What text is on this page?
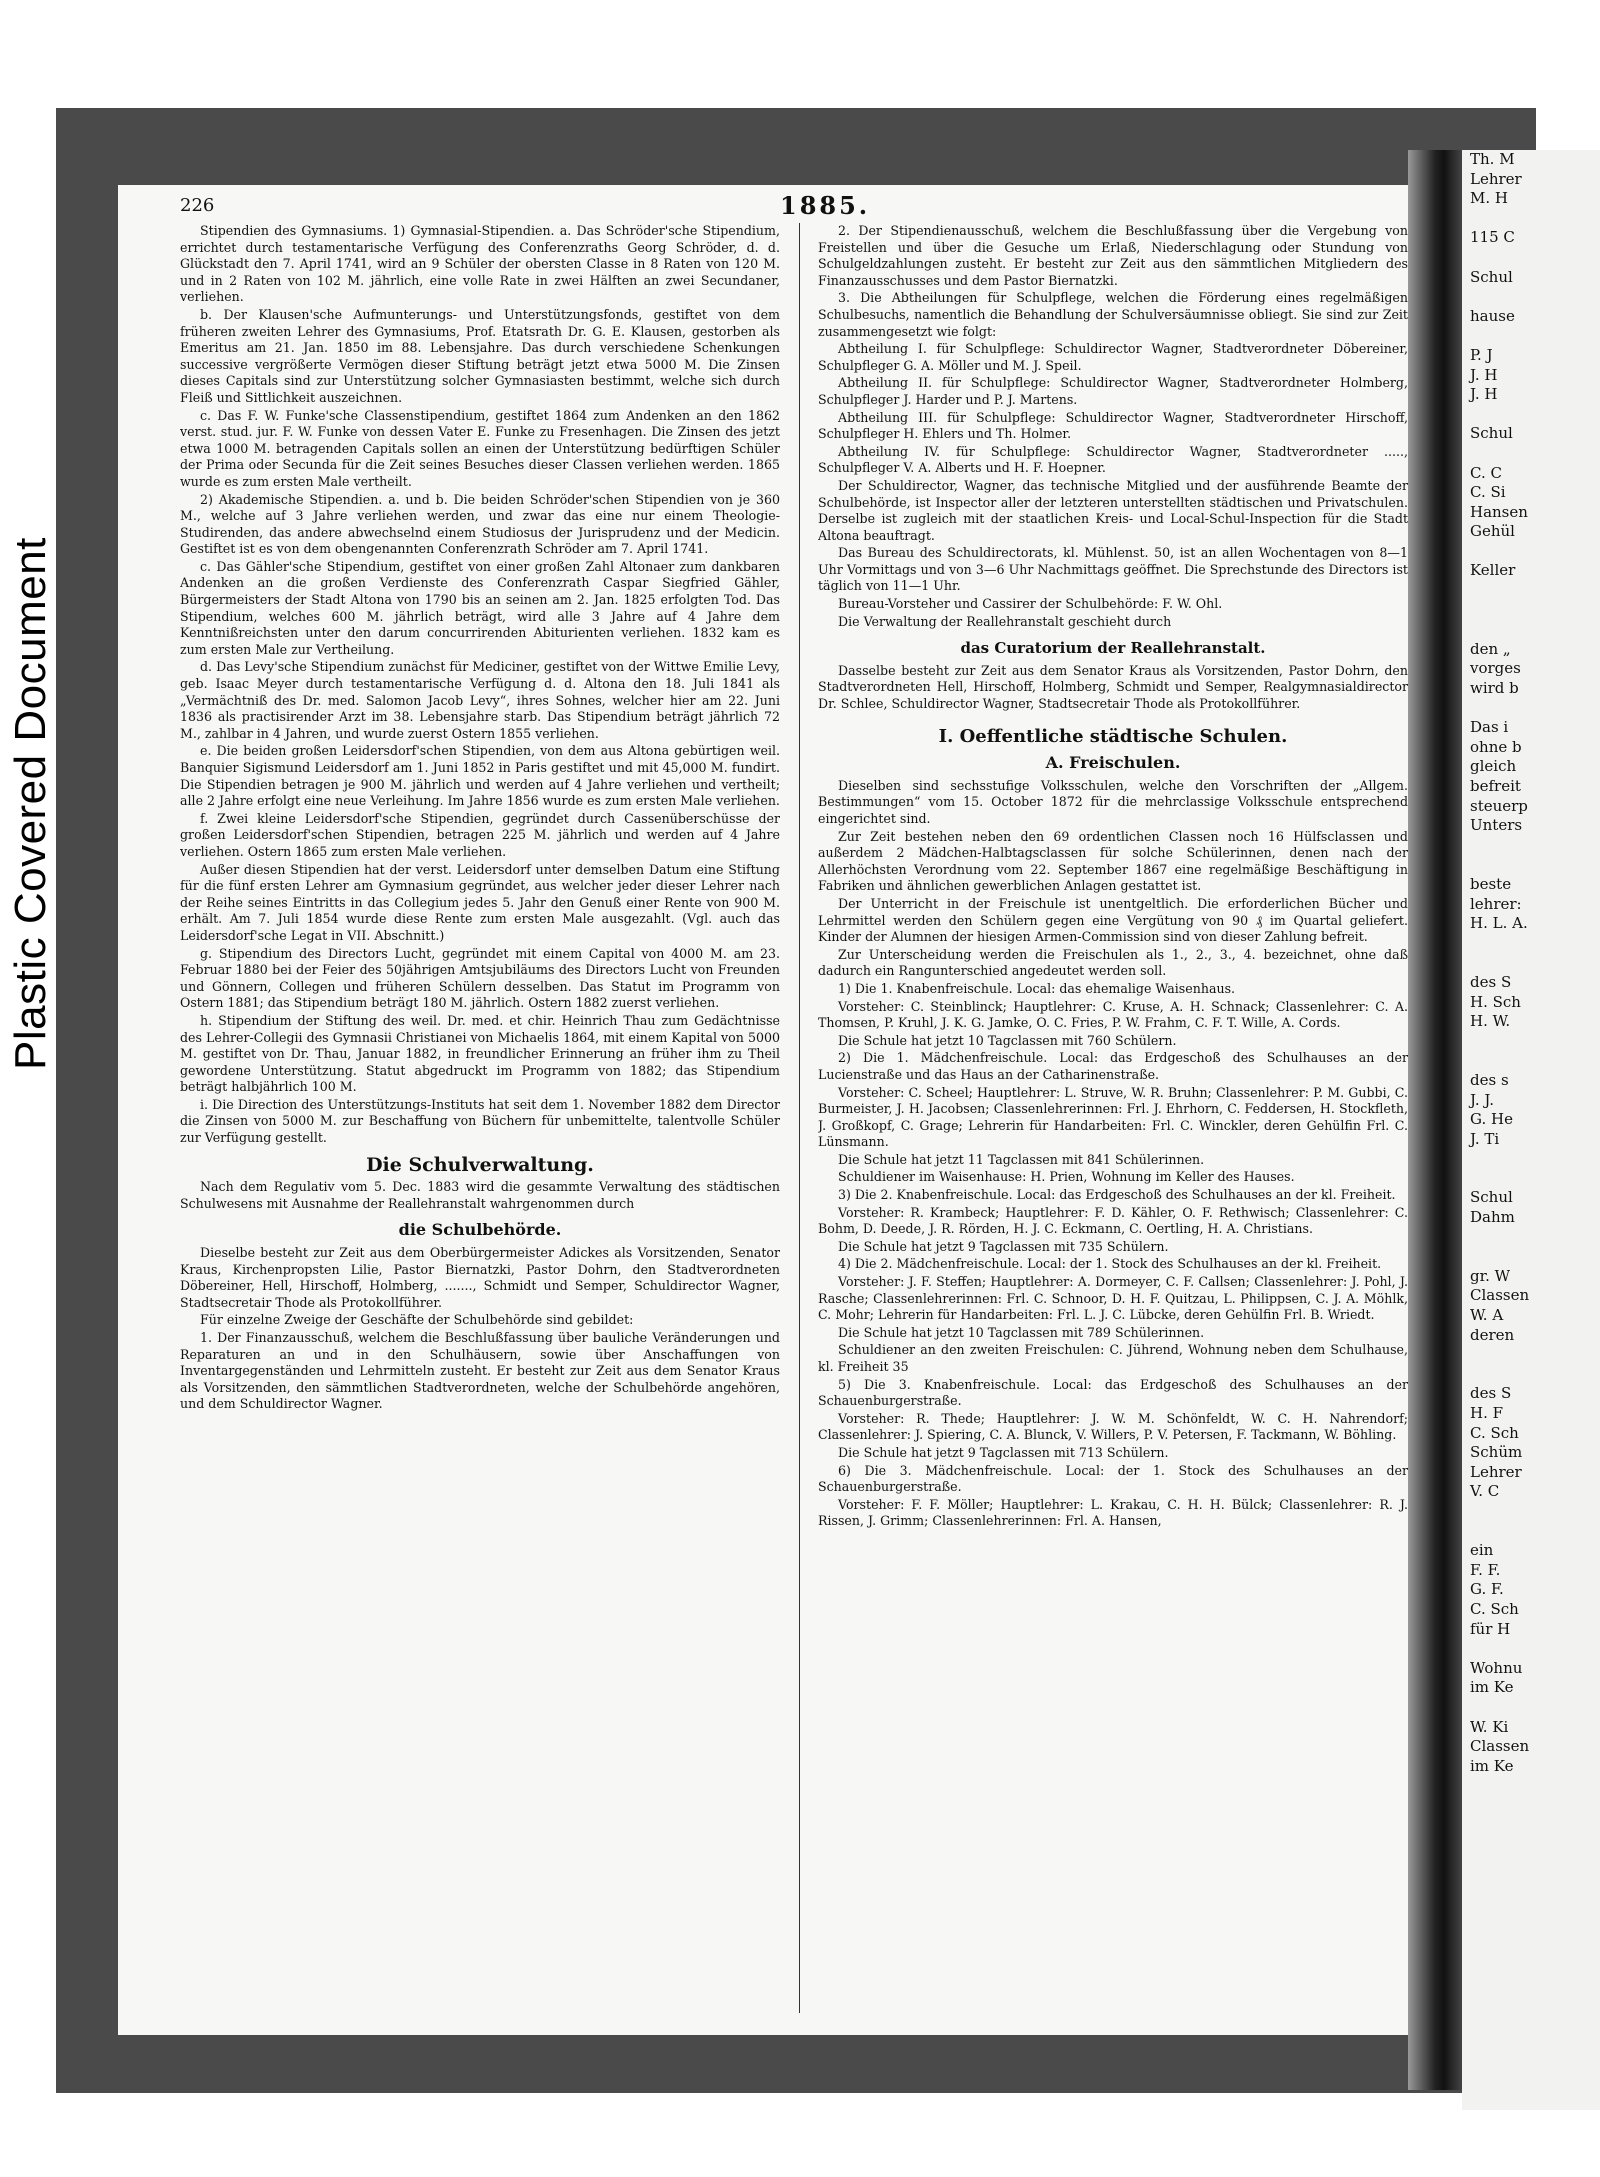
Plastic Covered Document
Th. M
Lehrer
M. H

115 C

Schul

hause

P. J
J. H
J. H

Schul

C. C
C. Si
Hansen
Gehül

Keller

den „
vorges
wird b

Das i
ohne b
gleich
befreit
steuerp
Unters

beste
lehrer:
H. L. A.

des S
H. Sch
H. W.

des s
J. J.
G. He
J. Ti

Schul
Dahm

gr. W
Classen
W. A
deren

des S
H. F
C. Sch
Schüm
Lehrer
V. C

ein
F. F.
G. F.
C. Sch
für H

Wohnu
im Ke

W. Ki
Classen
im Ke
226	1885.
Stipendien des Gymnasiums. 1) Gymnasial-Stipendien. a. Das Schröder'sche Stipendium, errichtet durch testamentarische Verfügung des Conferenzraths Georg Schröder, d. d. Glückstadt den 7. April 1741, wird an 9 Schüler der obersten Classe in 8 Raten von 120 M. und in 2 Raten von 102 M. jährlich, eine volle Rate in zwei Hälften an zwei Secundaner, verliehen.
b. Der Klausen'sche Aufmunterungs- und Unterstützungsfonds, gestiftet von dem früheren zweiten Lehrer des Gymnasiums, Prof. Etatsrath Dr. G. E. Klausen, gestorben als Emeritus am 21. Jan. 1850 im 88. Lebensjahre. Das durch verschiedene Schenkungen successive vergrößerte Vermögen dieser Stiftung beträgt jetzt etwa 5000 M. Die Zinsen dieses Capitals sind zur Unterstützung solcher Gymnasiasten bestimmt, welche sich durch Fleiß und Sittlichkeit auszeichnen.
c. Das F. W. Funke'sche Classenstipendium, gestiftet 1864 zum Andenken an den 1862 verst. stud. jur. F. W. Funke von dessen Vater E. Funke zu Fresenhagen. Die Zinsen des jetzt etwa 1000 M. betragenden Capitals sollen an einen der Unterstützung bedürftigen Schüler der Prima oder Secunda für die Zeit seines Besuches dieser Classen verliehen werden. 1865 wurde es zum ersten Male vertheilt.
2) Akademische Stipendien. a. und b. Die beiden Schröder'schen Stipendien von je 360 M., welche auf 3 Jahre verliehen werden, und zwar das eine nur einem Theologie-Studirenden, das andere abwechselnd einem Studiosus der Jurisprudenz und der Medicin. Gestiftet ist es von dem obengenannten Conferenzrath Schröder am 7. April 1741.
c. Das Gähler'sche Stipendium, gestiftet von einer großen Zahl Altonaer zum dankbaren Andenken an die großen Verdienste des Conferenzrath Caspar Siegfried Gähler, Bürgermeisters der Stadt Altona von 1790 bis an seinen am 2. Jan. 1825 erfolgten Tod. Das Stipendium, welches 600 M. jährlich beträgt, wird alle 3 Jahre auf 4 Jahre dem Kenntnißreichsten unter den darum concurrirenden Abiturienten verliehen. 1832 kam es zum ersten Male zur Vertheilung.
d. Das Levy'sche Stipendium zunächst für Mediciner, gestiftet von der Wittwe Emilie Levy, geb. Isaac Meyer durch testamentarische Verfügung d. d. Altona den 18. Juli 1841 als „Vermächtniß des Dr. med. Salomon Jacob Levy“, ihres Sohnes, welcher hier am 22. Juni 1836 als practisirender Arzt im 38. Lebensjahre starb. Das Stipendium beträgt jährlich 72 M., zahlbar in 4 Jahren, und wurde zuerst Ostern 1855 verliehen.
e. Die beiden großen Leidersdorf'schen Stipendien, von dem aus Altona gebürtigen weil. Banquier Sigismund Leidersdorf am 1. Juni 1852 in Paris gestiftet und mit 45,000 M. fundirt. Die Stipendien betragen je 900 M. jährlich und werden auf 4 Jahre verliehen und vertheilt; alle 2 Jahre erfolgt eine neue Verleihung. Im Jahre 1856 wurde es zum ersten Male verliehen.
f. Zwei kleine Leidersdorf'sche Stipendien, gegründet durch Cassenüberschüsse der großen Leidersdorf'schen Stipendien, betragen 225 M. jährlich und werden auf 4 Jahre verliehen. Ostern 1865 zum ersten Male verliehen.
Außer diesen Stipendien hat der verst. Leidersdorf unter demselben Datum eine Stiftung für die fünf ersten Lehrer am Gymnasium gegründet, aus welcher jeder dieser Lehrer nach der Reihe seines Eintritts in das Collegium jedes 5. Jahr den Genuß einer Rente von 900 M. erhält. Am 7. Juli 1854 wurde diese Rente zum ersten Male ausgezahlt. (Vgl. auch das Leidersdorf'sche Legat in VII. Abschnitt.)
g. Stipendium des Directors Lucht, gegründet mit einem Capital von 4000 M. am 23. Februar 1880 bei der Feier des 50jährigen Amtsjubiläums des Directors Lucht von Freunden und Gönnern, Collegen und früheren Schülern desselben. Das Statut im Programm von Ostern 1881; das Stipendium beträgt 180 M. jährlich. Ostern 1882 zuerst verliehen.
h. Stipendium der Stiftung des weil. Dr. med. et chir. Heinrich Thau zum Gedächtnisse des Lehrer-Collegii des Gymnasii Christianei von Michaelis 1864, mit einem Kapital von 5000 M. gestiftet von Dr. Thau, Januar 1882, in freundlicher Erinnerung an früher ihm zu Theil gewordene Unterstützung. Statut abgedruckt im Programm von 1882; das Stipendium beträgt halbjährlich 100 M.
i. Die Direction des Unterstützungs-Instituts hat seit dem 1. November 1882 dem Director die Zinsen von 5000 M. zur Beschaffung von Büchern für unbemittelte, talentvolle Schüler zur Verfügung gestellt.
Die Schulverwaltung.
Nach dem Regulativ vom 5. Dec. 1883 wird die gesammte Verwaltung des städtischen Schulwesens mit Ausnahme der Reallehranstalt wahrgenommen durch
die Schulbehörde.
Dieselbe besteht zur Zeit aus dem Oberbürgermeister Adickes als Vorsitzenden, Senator Kraus, Kirchenpropsten Lilie, Pastor Biernatzki, Pastor Dohrn, den Stadtverordneten Döbereiner, Hell, Hirschoff, Holmberg, ......., Schmidt und Semper, Schuldirector Wagner, Stadtsecretair Thode als Protokollführer.
Für einzelne Zweige der Geschäfte der Schulbehörde sind gebildet:
1. Der Finanzausschuß, welchem die Beschlußfassung über bauliche Veränderungen und Reparaturen an und in den Schulhäusern, sowie über Anschaffungen von Inventargegenständen und Lehrmitteln zusteht. Er besteht zur Zeit aus dem Senator Kraus als Vorsitzenden, den sämmtlichen Stadtverordneten, welche der Schulbehörde angehören, und dem Schuldirector Wagner.
2. Der Stipendienausschuß, welchem die Beschlußfassung über die Vergebung von Freistellen und über die Gesuche um Erlaß, Niederschlagung oder Stundung von Schulgeldzahlungen zusteht. Er besteht zur Zeit aus den sämmtlichen Mitgliedern des Finanzausschusses und dem Pastor Biernatzki.
3. Die Abtheilungen für Schulpflege, welchen die Förderung eines regelmäßigen Schulbesuchs, namentlich die Behandlung der Schulversäumnisse obliegt. Sie sind zur Zeit zusammengesetzt wie folgt:
Abtheilung I. für Schulpflege: Schuldirector Wagner, Stadtverordneter Döbereiner, Schulpfleger G. A. Möller und M. J. Speil.
Abtheilung II. für Schulpflege: Schuldirector Wagner, Stadtverordneter Holmberg, Schulpfleger J. Harder und P. J. Martens.
Abtheilung III. für Schulpflege: Schuldirector Wagner, Stadtverordneter Hirschoff, Schulpfleger H. Ehlers und Th. Holmer.
Abtheilung IV. für Schulpflege: Schuldirector Wagner, Stadtverordneter ....., Schulpfleger V. A. Alberts und H. F. Hoepner.
Der Schuldirector, Wagner, das technische Mitglied und der ausführende Beamte der Schulbehörde, ist Inspector aller der letzteren unterstellten städtischen und Privatschulen. Derselbe ist zugleich mit der staatlichen Kreis- und Local-Schul-Inspection für die Stadt Altona beauftragt.
Das Bureau des Schuldirectorats, kl. Mühlenst. 50, ist an allen Wochentagen von 8—1 Uhr Vormittags und von 3—6 Uhr Nachmittags geöffnet. Die Sprechstunde des Directors ist täglich von 11—1 Uhr.
Bureau-Vorsteher und Cassirer der Schulbehörde: F. W. Ohl.
Die Verwaltung der Reallehranstalt geschieht durch
das Curatorium der Reallehranstalt.
Dasselbe besteht zur Zeit aus dem Senator Kraus als Vorsitzenden, Pastor Dohrn, den Stadtverordneten Hell, Hirschoff, Holmberg, Schmidt und Semper, Realgymnasialdirector Dr. Schlee, Schuldirector Wagner, Stadtsecretair Thode als Protokollführer.
I. Oeffentliche städtische Schulen.
A. Freischulen.
Dieselben sind sechsstufige Volksschulen, welche den Vorschriften der „Allgem. Bestimmungen“ vom 15. October 1872 für die mehrclassige Volksschule entsprechend eingerichtet sind.
Zur Zeit bestehen neben den 69 ordentlichen Classen noch 16 Hülfsclassen und außerdem 2 Mädchen-Halbtagsclassen für solche Schülerinnen, denen nach der Allerhöchsten Verordnung vom 22. September 1867 eine regelmäßige Beschäftigung in Fabriken und ähnlichen gewerblichen Anlagen gestattet ist.
Der Unterricht in der Freischule ist unentgeltlich. Die erforderlichen Bücher und Lehrmittel werden den Schülern gegen eine Vergütung von 90 ₰ im Quartal geliefert. Kinder der Alumnen der hiesigen Armen-Commission sind von dieser Zahlung befreit.
Zur Unterscheidung werden die Freischulen als 1., 2., 3., 4. bezeichnet, ohne daß dadurch ein Rangunterschied angedeutet werden soll.
1) Die 1. Knabenfreischule. Local: das ehemalige Waisenhaus.
Vorsteher: C. Steinblinck; Hauptlehrer: C. Kruse, A. H. Schnack; Classenlehrer: C. A. Thomsen, P. Kruhl, J. K. G. Jamke, O. C. Fries, P. W. Frahm, C. F. T. Wille, A. Cords.
Die Schule hat jetzt 10 Tagclassen mit 760 Schülern.
2) Die 1. Mädchenfreischule. Local: das Erdgeschoß des Schulhauses an der Lucienstraße und das Haus an der Catharinenstraße.
Vorsteher: C. Scheel; Hauptlehrer: L. Struve, W. R. Bruhn; Classenlehrer: P. M. Gubbi, C. Burmeister, J. H. Jacobsen; Classenlehrerinnen: Frl. J. Ehrhorn, C. Feddersen, H. Stockfleth, J. Großkopf, C. Grage; Lehrerin für Handarbeiten: Frl. C. Winckler, deren Gehülfin Frl. C. Lünsmann.
Die Schule hat jetzt 11 Tagclassen mit 841 Schülerinnen.
Schuldiener im Waisenhause: H. Prien, Wohnung im Keller des Hauses.
3) Die 2. Knabenfreischule. Local: das Erdgeschoß des Schulhauses an der kl. Freiheit.
Vorsteher: R. Krambeck; Hauptlehrer: F. D. Kähler, O. F. Rethwisch; Classenlehrer: C. Bohm, D. Deede, J. R. Rörden, H. J. C. Eckmann, C. Oertling, H. A. Christians.
Die Schule hat jetzt 9 Tagclassen mit 735 Schülern.
4) Die 2. Mädchenfreischule. Local: der 1. Stock des Schulhauses an der kl. Freiheit.
Vorsteher: J. F. Steffen; Hauptlehrer: A. Dormeyer, C. F. Callsen; Classenlehrer: J. Pohl, J. Rasche; Classenlehrerinnen: Frl. C. Schnoor, D. H. F. Quitzau, L. Philippsen, C. J. A. Möhlk, C. Mohr; Lehrerin für Handarbeiten: Frl. L. J. C. Lübcke, deren Gehülfin Frl. B. Wriedt.
Die Schule hat jetzt 10 Tagclassen mit 789 Schülerinnen.
Schuldiener an den zweiten Freischulen: C. Jührend, Wohnung neben dem Schulhause, kl. Freiheit 35
5) Die 3. Knabenfreischule. Local: das Erdgeschoß des Schulhauses an der Schauenburgerstraße.
Vorsteher: R. Thede; Hauptlehrer: J. W. M. Schönfeldt, W. C. H. Nahrendorf; Classenlehrer: J. Spiering, C. A. Blunck, V. Willers, P. V. Petersen, F. Tackmann, W. Böhling.
Die Schule hat jetzt 9 Tagclassen mit 713 Schülern.
6) Die 3. Mädchenfreischule. Local: der 1. Stock des Schulhauses an der Schauenburgerstraße.
Vorsteher: F. F. Möller; Hauptlehrer: L. Krakau, C. H. H. Bülck; Classenlehrer: R. J. Rissen, J. Grimm; Classenlehrerinnen: Frl. A. Hansen,
